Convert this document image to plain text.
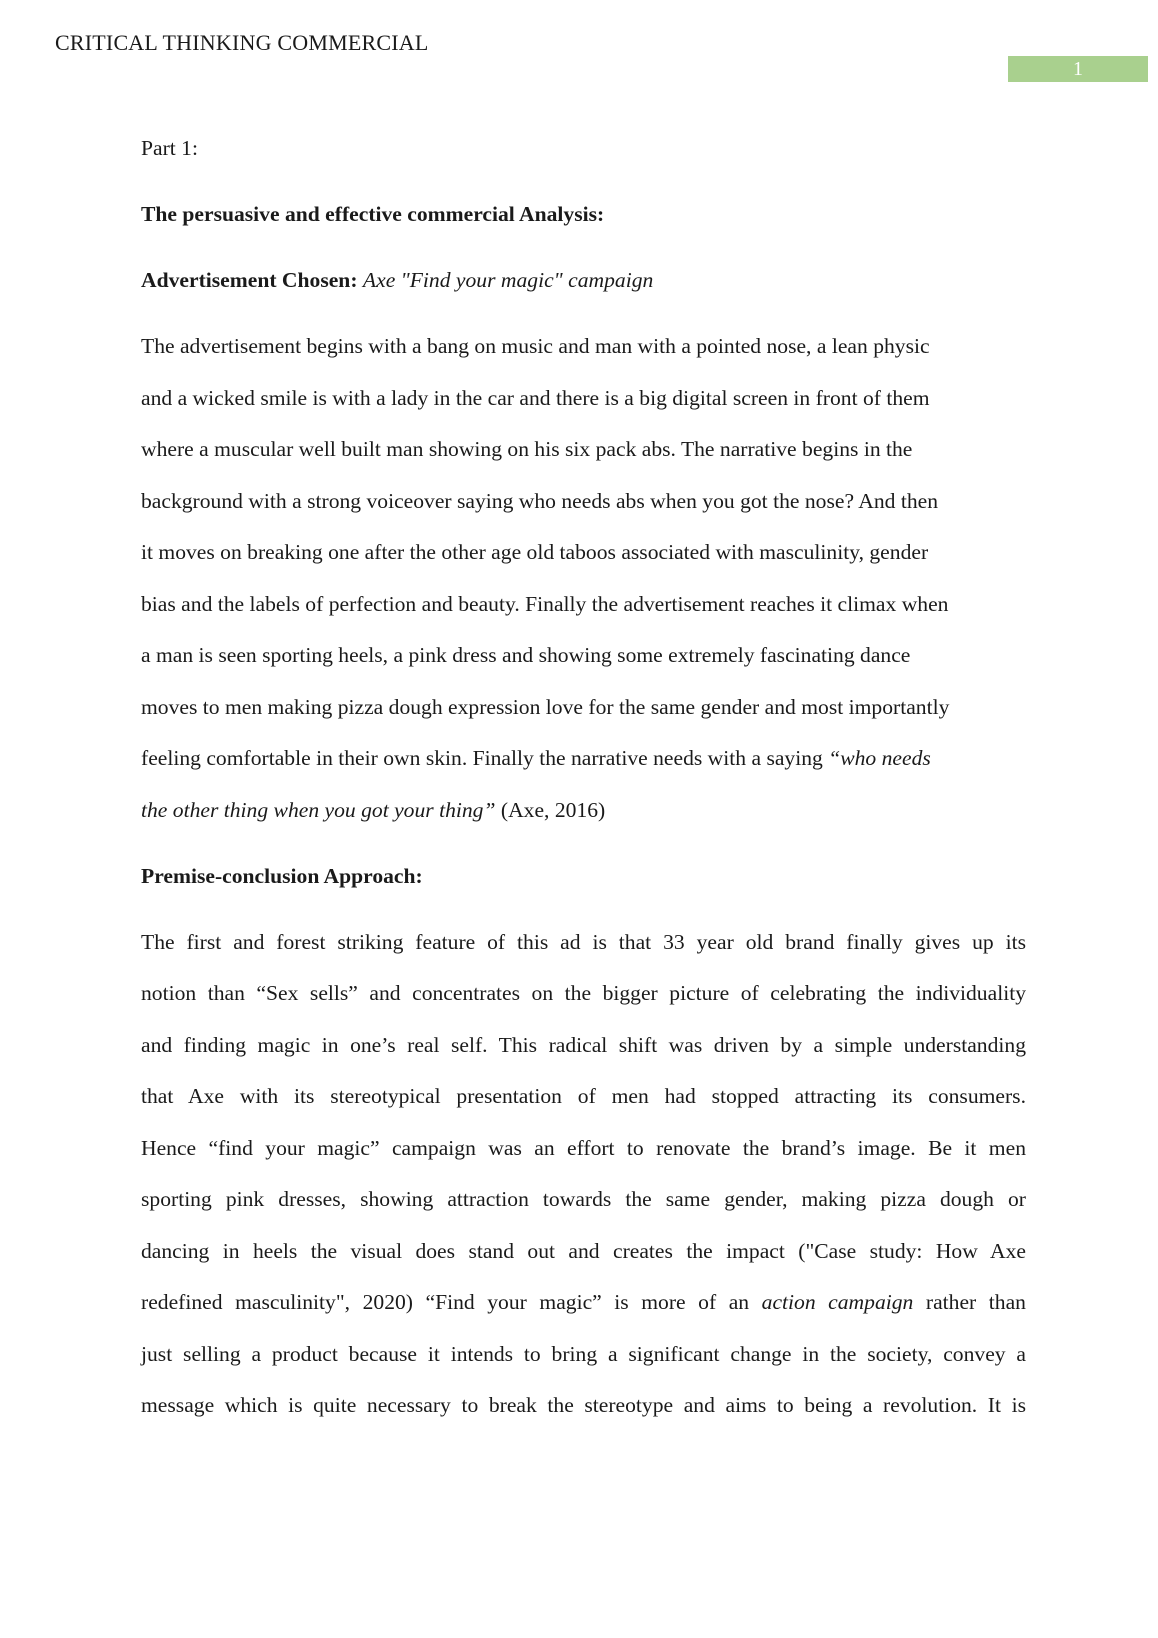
CRITICAL THINKING COMMERCIAL
1
Part 1:
The persuasive and effective commercial Analysis:
Advertisement Chosen: Axe "Find your magic" campaign
The advertisement begins with a bang on music and man with a pointed nose, a lean physic
and a wicked smile is with a lady in the car and there is a big digital screen in front of them
where a muscular well built man showing on his six pack abs. The narrative begins in the
background with a strong voiceover saying who needs abs when you got the nose? And then
it moves on breaking one after the other age old taboos associated with masculinity, gender
bias and the labels of perfection and beauty. Finally the advertisement reaches it climax when
a man is seen sporting heels, a pink dress and showing some extremely fascinating dance
moves to men making pizza dough expression love for the same gender and most importantly
feeling comfortable in their own skin. Finally the narrative needs with a saying “who needs
the other thing when you got your thing” (Axe, 2016)
Premise-conclusion Approach:
The first and forest striking feature of this ad is that 33 year old brand finally gives up its
notion than “Sex sells” and concentrates on the bigger picture of celebrating the individuality
and finding magic in one’s real self. This radical shift was driven by a simple understanding
that Axe with its stereotypical presentation of men had stopped attracting its consumers.
Hence “find your magic” campaign was an effort to renovate the brand’s image. Be it men
sporting pink dresses, showing attraction towards the same gender, making pizza dough or
dancing in heels the visual does stand out and creates the impact ("Case study: How Axe
redefined masculinity", 2020) “Find your magic” is more of an action campaign rather than
just selling a product because it intends to bring a significant change in the society, convey a
message which is quite necessary to break the stereotype and aims to being a revolution. It is
